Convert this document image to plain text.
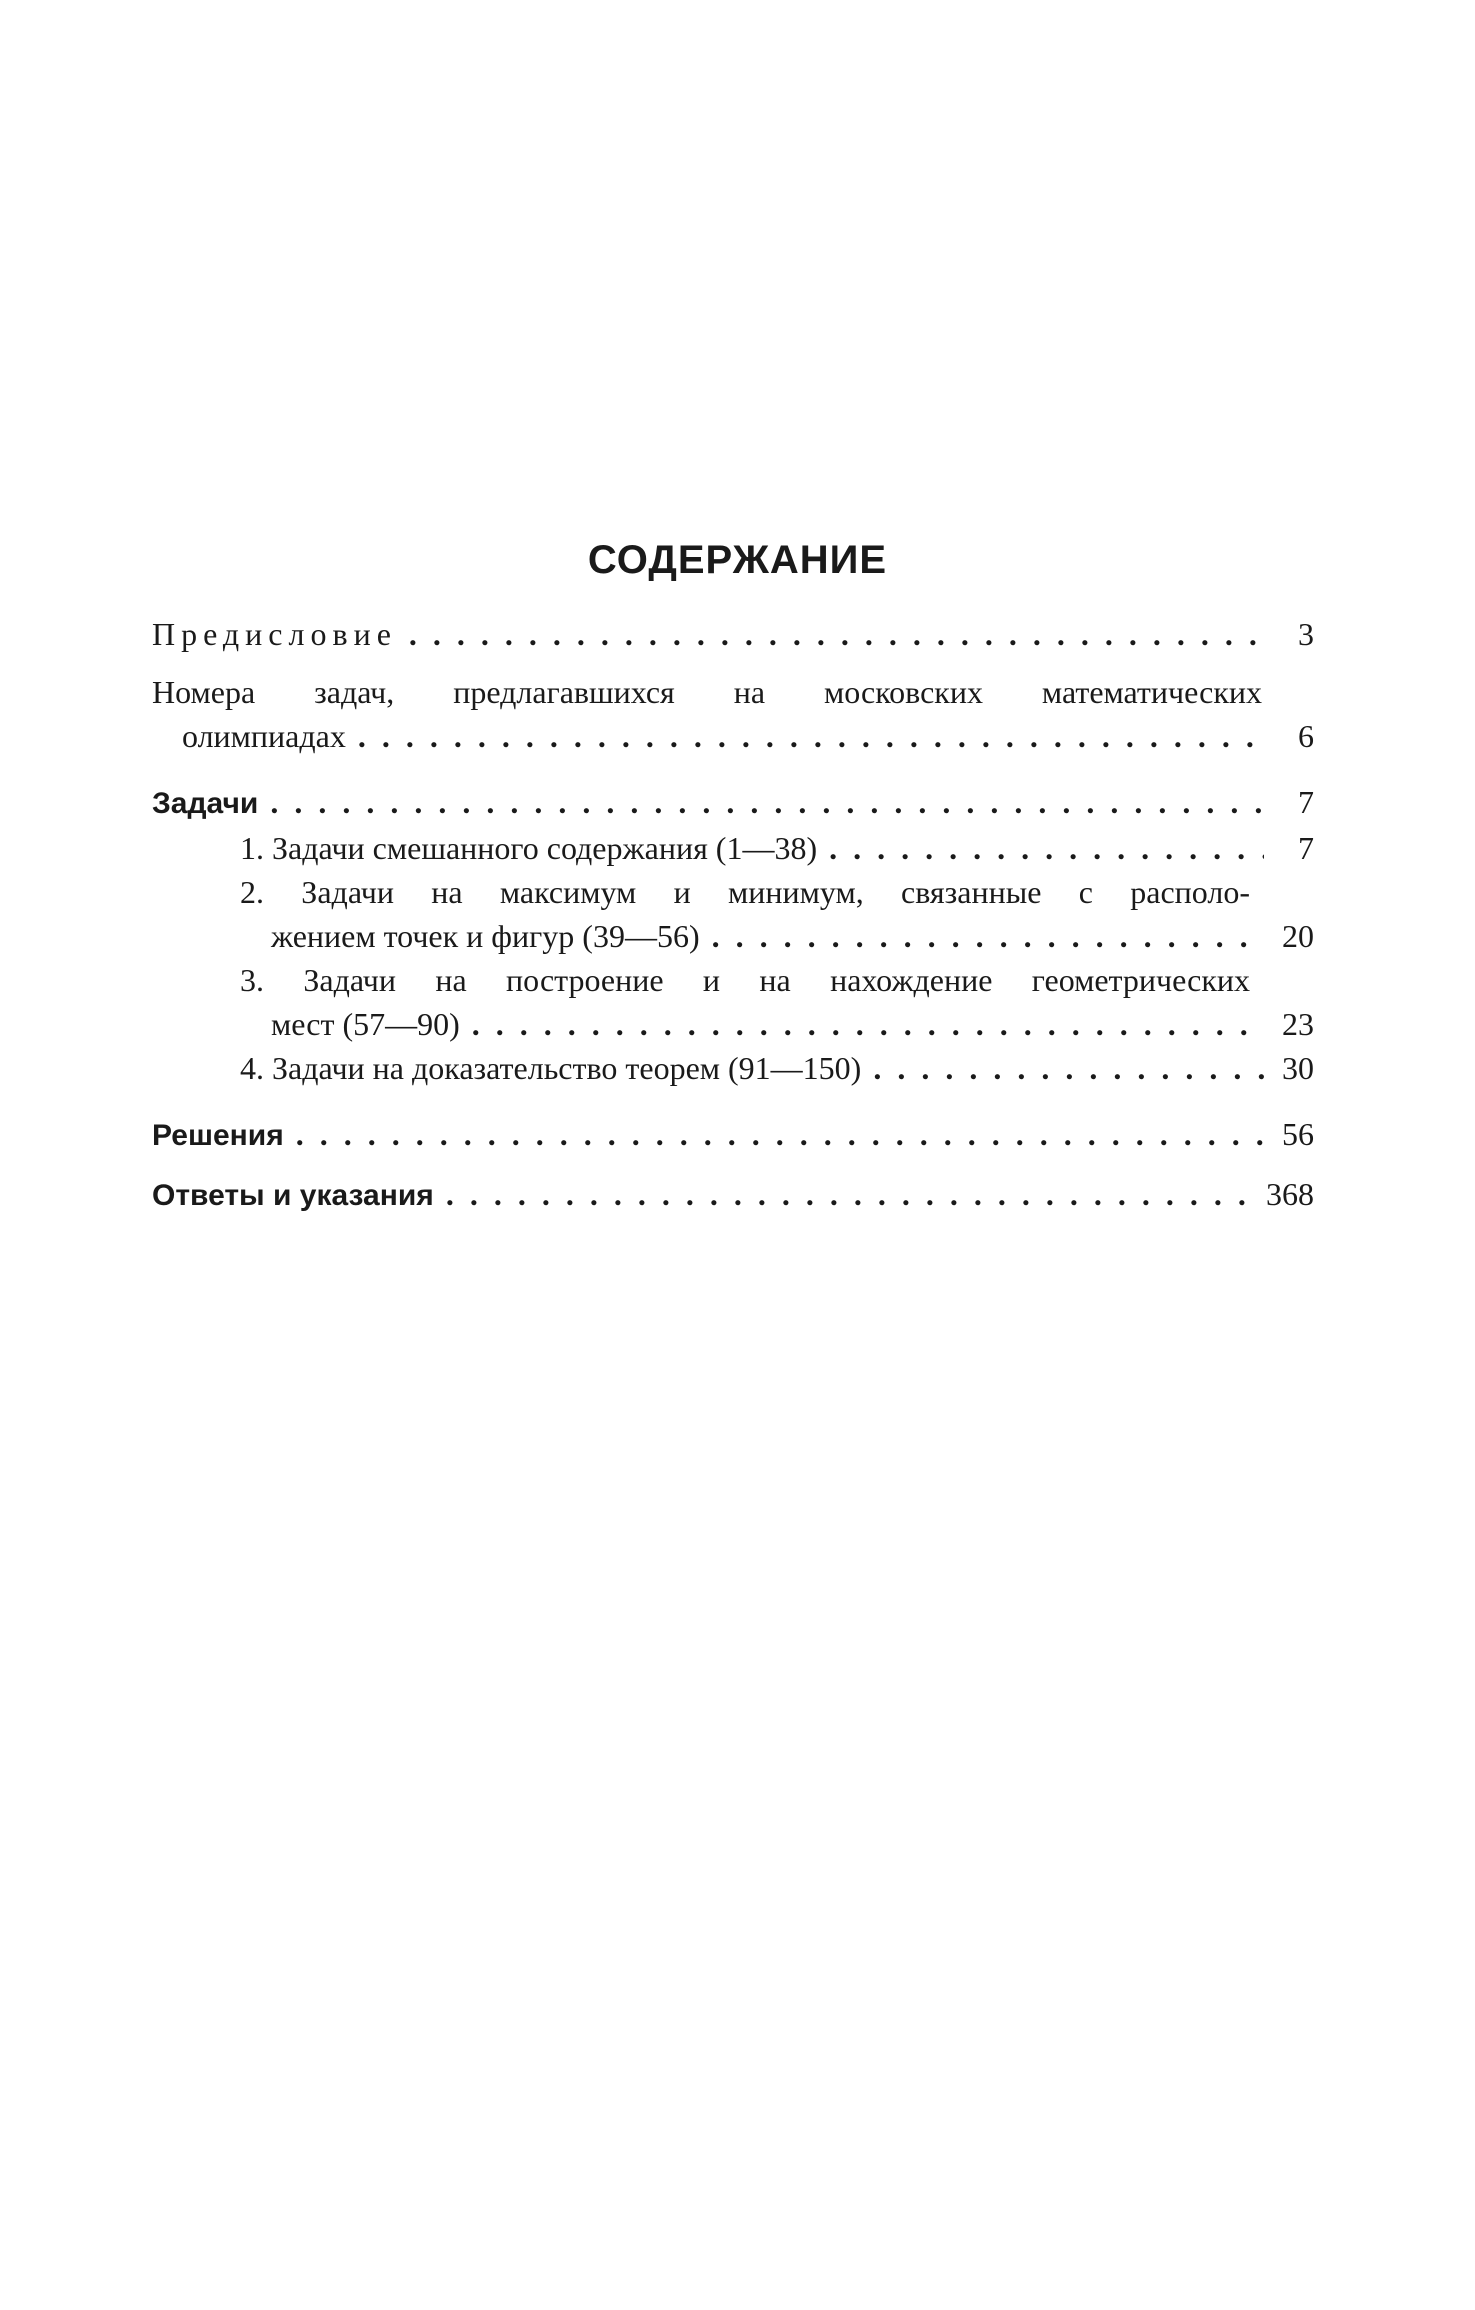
СОДЕРЖАНИЕ
Предисловие . . .	3
Номера задач, предлагавшихся на московских математических
олимпиадах . . .	6
Задачи . . .	7
1. Задачи смешанного содержания (1—38) . . .	7
2. Задачи на максимум и минимум, связанные с располо-
жением точек и фигур (39—56) . . .	20
3. Задачи на построение и на нахождение геометрических
мест (57—90) . . .	23
4. Задачи на доказательство теорем (91—150) . . .	30
Решения . . .	56
Ответы и указания . . .	368
